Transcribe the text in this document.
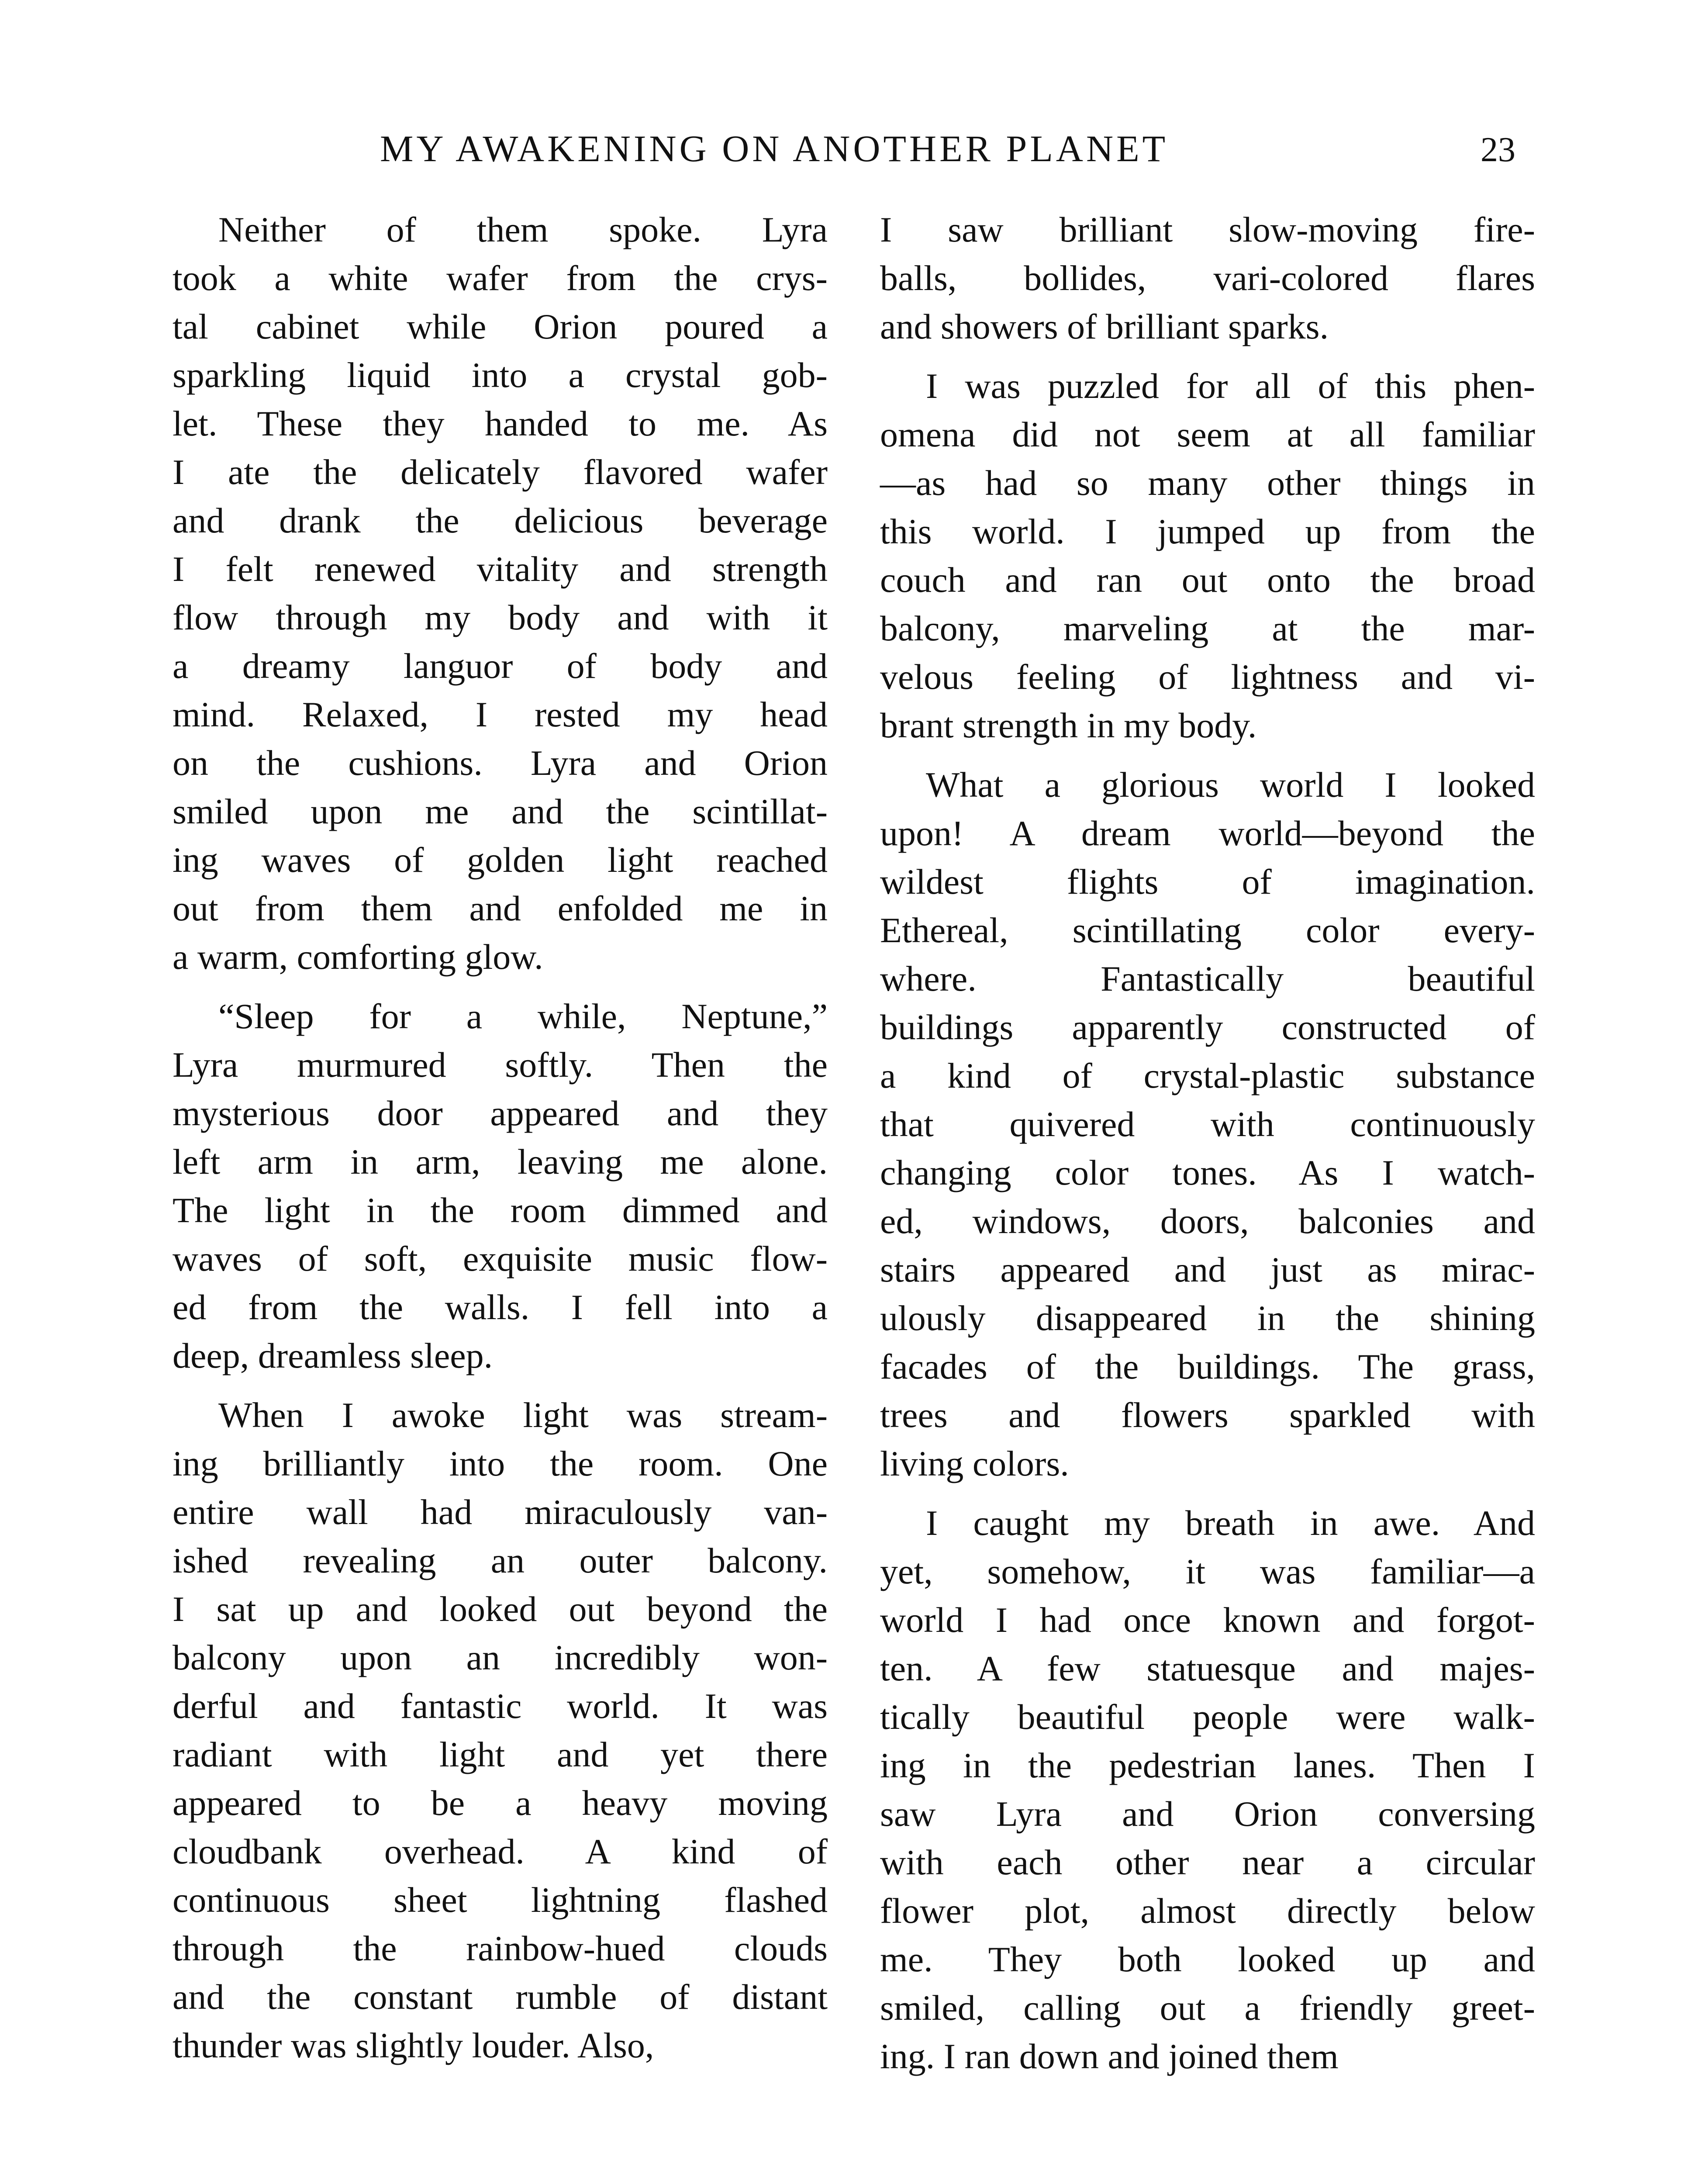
MY AWAKENING ON ANOTHER PLANET	23
Neither of them spoke. Lyra
took a white wafer from the crys-
tal cabinet while Orion poured a
sparkling liquid into a crystal gob-
let. These they handed to me. As
I ate the delicately flavored wafer
and drank the delicious beverage
I felt renewed vitality and strength
flow through my body and with it
a dreamy languor of body and
mind. Relaxed, I rested my head
on the cushions. Lyra and Orion
smiled upon me and the scintillat-
ing waves of golden light reached
out from them and enfolded me in
a warm, comforting glow.
“Sleep for a while, Neptune,”
Lyra murmured softly. Then the
mysterious door appeared and they
left arm in arm, leaving me alone.
The light in the room dimmed and
waves of soft, exquisite music flow-
ed from the walls. I fell into a
deep, dreamless sleep.
When I awoke light was stream-
ing brilliantly into the room. One
entire wall had miraculously van-
ished revealing an outer balcony.
I sat up and looked out beyond the
balcony upon an incredibly won-
derful and fantastic world. It was
radiant with light and yet there
appeared to be a heavy moving
cloudbank overhead. A kind of
continuous sheet lightning flashed
through the rainbow-hued clouds
and the constant rumble of distant
thunder was slightly louder. Also,
I saw brilliant slow-moving fire-
balls, bollides, vari-colored flares
and showers of brilliant sparks.
I was puzzled for all of this phen-
omena did not seem at all familiar
—as had so many other things in
this world. I jumped up from the
couch and ran out onto the broad
balcony, marveling at the mar-
velous feeling of lightness and vi-
brant strength in my body.
What a glorious world I looked
upon! A dream world—beyond the
wildest flights of imagination.
Ethereal, scintillating color every-
where. Fantastically beautiful
buildings apparently constructed of
a kind of crystal-plastic substance
that quivered with continuously
changing color tones. As I watch-
ed, windows, doors, balconies and
stairs appeared and just as mirac-
ulously disappeared in the shining
facades of the buildings. The grass,
trees and flowers sparkled with
living colors.
I caught my breath in awe. And
yet, somehow, it was familiar—a
world I had once known and forgot-
ten. A few statuesque and majes-
tically beautiful people were walk-
ing in the pedestrian lanes. Then I
saw Lyra and Orion conversing
with each other near a circular
flower plot, almost directly below
me. They both looked up and
smiled, calling out a friendly greet-
ing. I ran down and joined them
